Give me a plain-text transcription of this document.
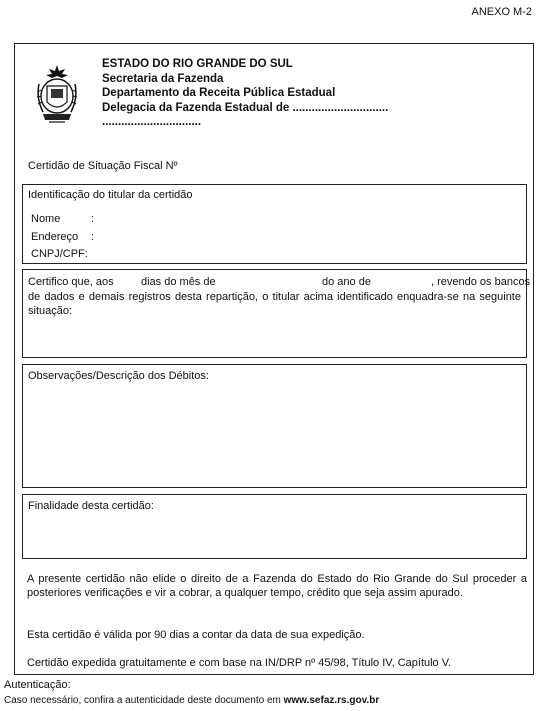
ANEXO M-2
ESTADO DO RIO GRANDE DO SUL
Secretaria da Fazenda
Departamento da Receita Pública Estadual
Delegacia da Fazenda Estadual de ..............................
...............................
Certidão de Situação Fiscal Nº
Identificação do titular da certidão
Nome	:
Endereço :
CNPJ/CPF:
Certifico que, aos dias do mês de	do ano de	, revendo os bancos
de dados e demais registros desta repartição, o titular acima identificado enquadra-se na seguinte situação:
Observações/Descrição dos Débitos:
Finalidade desta certidão:
A presente certidão não elide o direito de a Fazenda do Estado do Rio Grande do Sul proceder a posteriores verificações e vir a cobrar, a qualquer tempo, crédito que seja assim apurado.
Esta certidão é válida por 90 dias a contar da data de sua expedição.
Certidão expedida gratuitamente e com base na IN/DRP nº 45/98, Título IV, Capítulo V.
Autenticação:
Caso necessário, confira a autenticidade deste documento em www.sefaz.rs.gov.br
